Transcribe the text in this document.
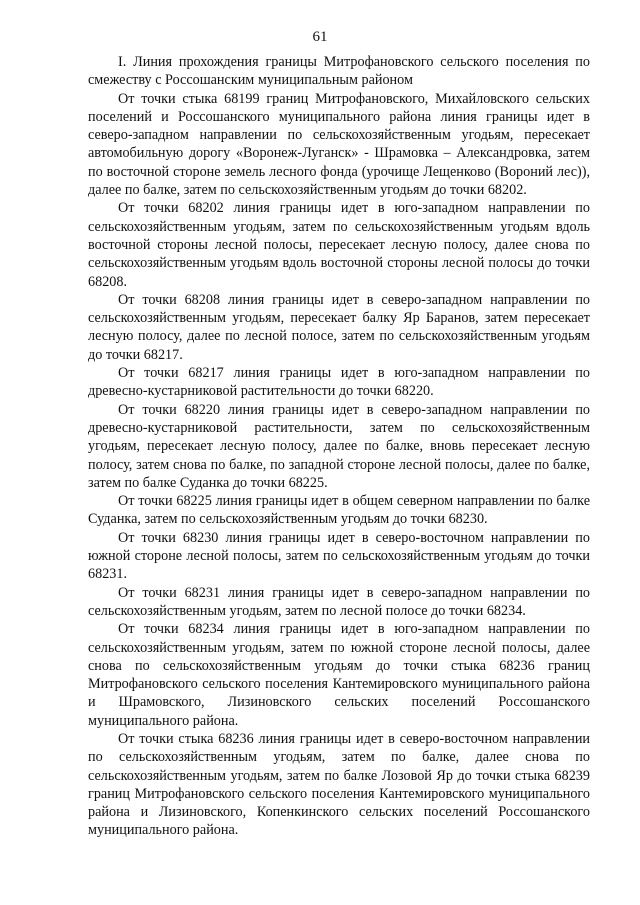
61

I. Линия прохождения границы Митрофановского сельского поселения по смежеству с Россошанским муниципальным районом

От точки стыка 68199 границ Митрофановского, Михайловского сельских поселений и Россошанского муниципального района линия границы идет в северо-западном направлении по сельскохозяйственным угодьям, пересекает автомобильную дорогу «Воронеж-Луганск» - Шрамовка – Александровка, затем по восточной стороне земель лесного фонда (урочище Лещенково (Вороний лес)), далее по балке, затем по сельскохозяйственным угодьям до точки 68202.

От точки 68202 линия границы идет в юго-западном направлении по сельскохозяйственным угодьям, затем по сельскохозяйственным угодьям вдоль восточной стороны лесной полосы, пересекает лесную полосу, далее снова по сельскохозяйственным угодьям вдоль восточной стороны лесной полосы до точки 68208.

От точки 68208 линия границы идет в северо-западном направлении по сельскохозяйственным угодьям, пересекает балку Яр Баранов, затем пересекает лесную полосу, далее по лесной полосе, затем по сельскохозяйственным угодьям до точки 68217.

От точки 68217 линия границы идет в юго-западном направлении по древесно-кустарниковой растительности до точки 68220.

От точки 68220 линия границы идет в северо-западном направлении по древесно-кустарниковой растительности, затем по сельскохозяйственным угодьям, пересекает лесную полосу, далее по балке, вновь пересекает лесную полосу, затем снова по балке, по западной стороне лесной полосы, далее по балке, затем по балке Суданка до точки 68225.

От точки 68225 линия границы идет в общем северном направлении по балке Суданка, затем по сельскохозяйственным угодьям до точки 68230.

От точки 68230 линия границы идет в северо-восточном направлении по южной стороне лесной полосы, затем по сельскохозяйственным угодьям до точки 68231.

От точки 68231 линия границы идет в северо-западном направлении по сельскохозяйственным угодьям, затем по лесной полосе до точки 68234.

От точки 68234 линия границы идет в юго-западном направлении по сельскохозяйственным угодьям, затем по южной стороне лесной полосы, далее снова по сельскохозяйственным угодьям до точки стыка 68236 границ Митрофановского сельского поселения Кантемировского муниципального района и Шрамовского, Лизиновского сельских поселений Россошанского муниципального района.

От точки стыка 68236 линия границы идет в северо-восточном направлении по сельскохозяйственным угодьям, затем по балке, далее снова по сельскохозяйственным угодьям, затем по балке Лозовой Яр до точки стыка 68239 границ Митрофановского сельского поселения Кантемировского муниципального района и Лизиновского, Копенкинского сельских поселений Россошанского муниципального района.
